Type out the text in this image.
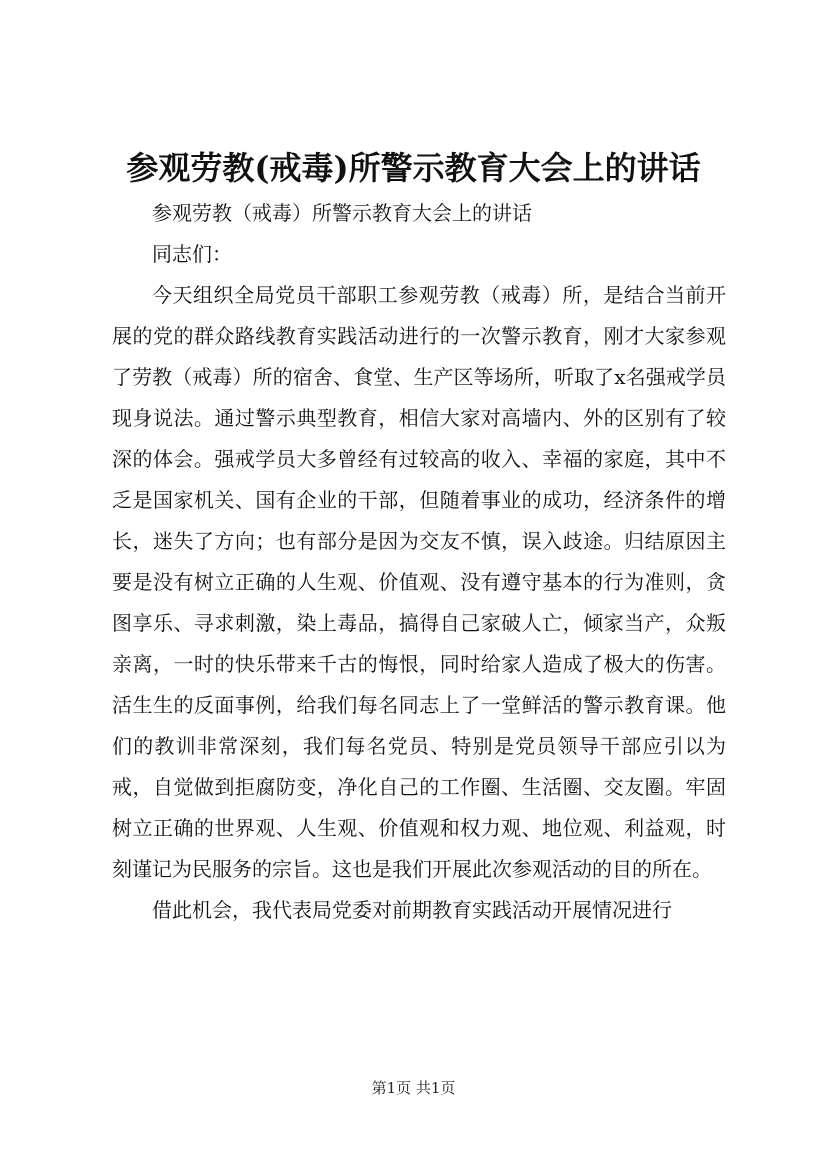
参观劳教(戒毒)所警示教育大会上的讲话

参观劳教（戒毒）所警示教育大会上的讲话

同志们：

今天组织全局党员干部职工参观劳教（戒毒）所，是结合当前开展的党的群众路线教育实践活动进行的一次警示教育，刚才大家参观了劳教（戒毒）所的宿舍、食堂、生产区等场所，听取了x名强戒学员现身说法。通过警示典型教育，相信大家对高墙内、外的区别有了较深的体会。强戒学员大多曾经有过较高的收入、幸福的家庭，其中不乏是国家机关、国有企业的干部，但随着事业的成功，经济条件的增长，迷失了方向；也有部分是因为交友不慎，误入歧途。归结原因主要是没有树立正确的人生观、价值观、没有遵守基本的行为准则，贪图享乐、寻求刺激，染上毒品，搞得自己家破人亡，倾家当产，众叛亲离，一时的快乐带来千古的悔恨，同时给家人造成了极大的伤害。活生生的反面事例，给我们每名同志上了一堂鲜活的警示教育课。他们的教训非常深刻，我们每名党员、特别是党员领导干部应引以为戒，自觉做到拒腐防变，净化自己的工作圈、生活圈、交友圈。牢固树立正确的世界观、人生观、价值观和权力观、地位观、利益观，时刻谨记为民服务的宗旨。这也是我们开展此次参观活动的目的所在。

借此机会，我代表局党委对前期教育实践活动开展情况进行

第1页 共1页
